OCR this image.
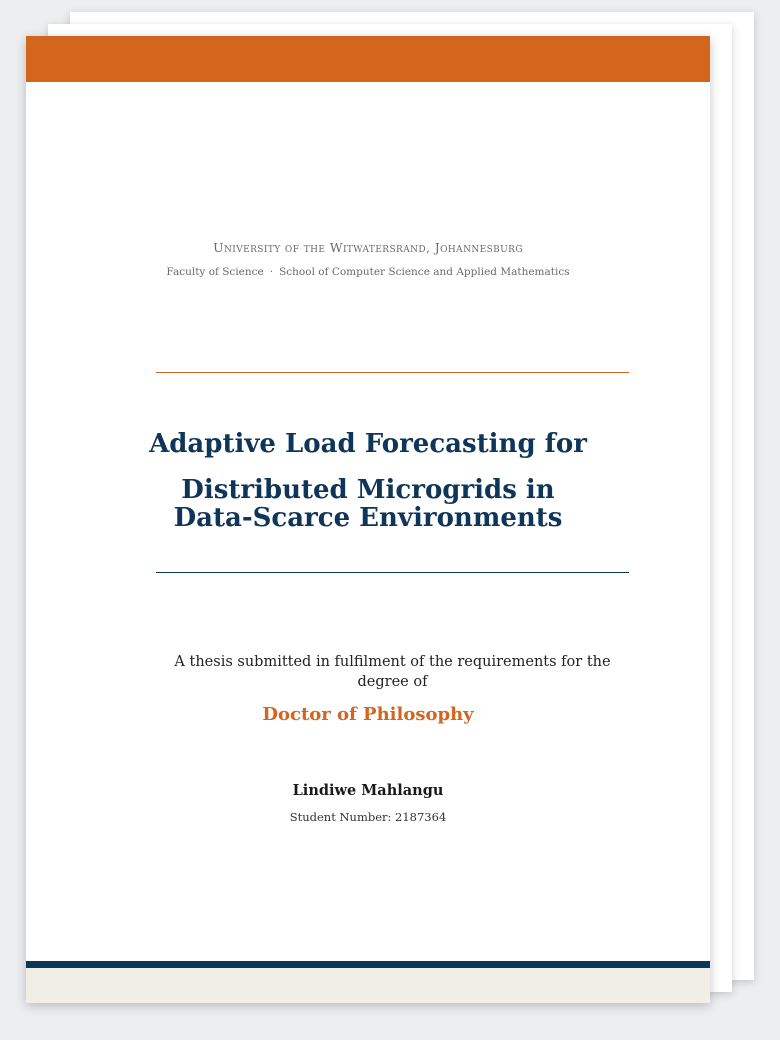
University of the Witwatersrand, Johannesburg
Faculty of Science · School of Computer Science and Applied Mathematics
Adaptive Load Forecasting for
Distributed Microgrids in
Data-Scarce Environments
A thesis submitted in fulfilment of the requirements for the degree of
Doctor of Philosophy
Lindiwe Mahlangu
Student Number: 2187364
